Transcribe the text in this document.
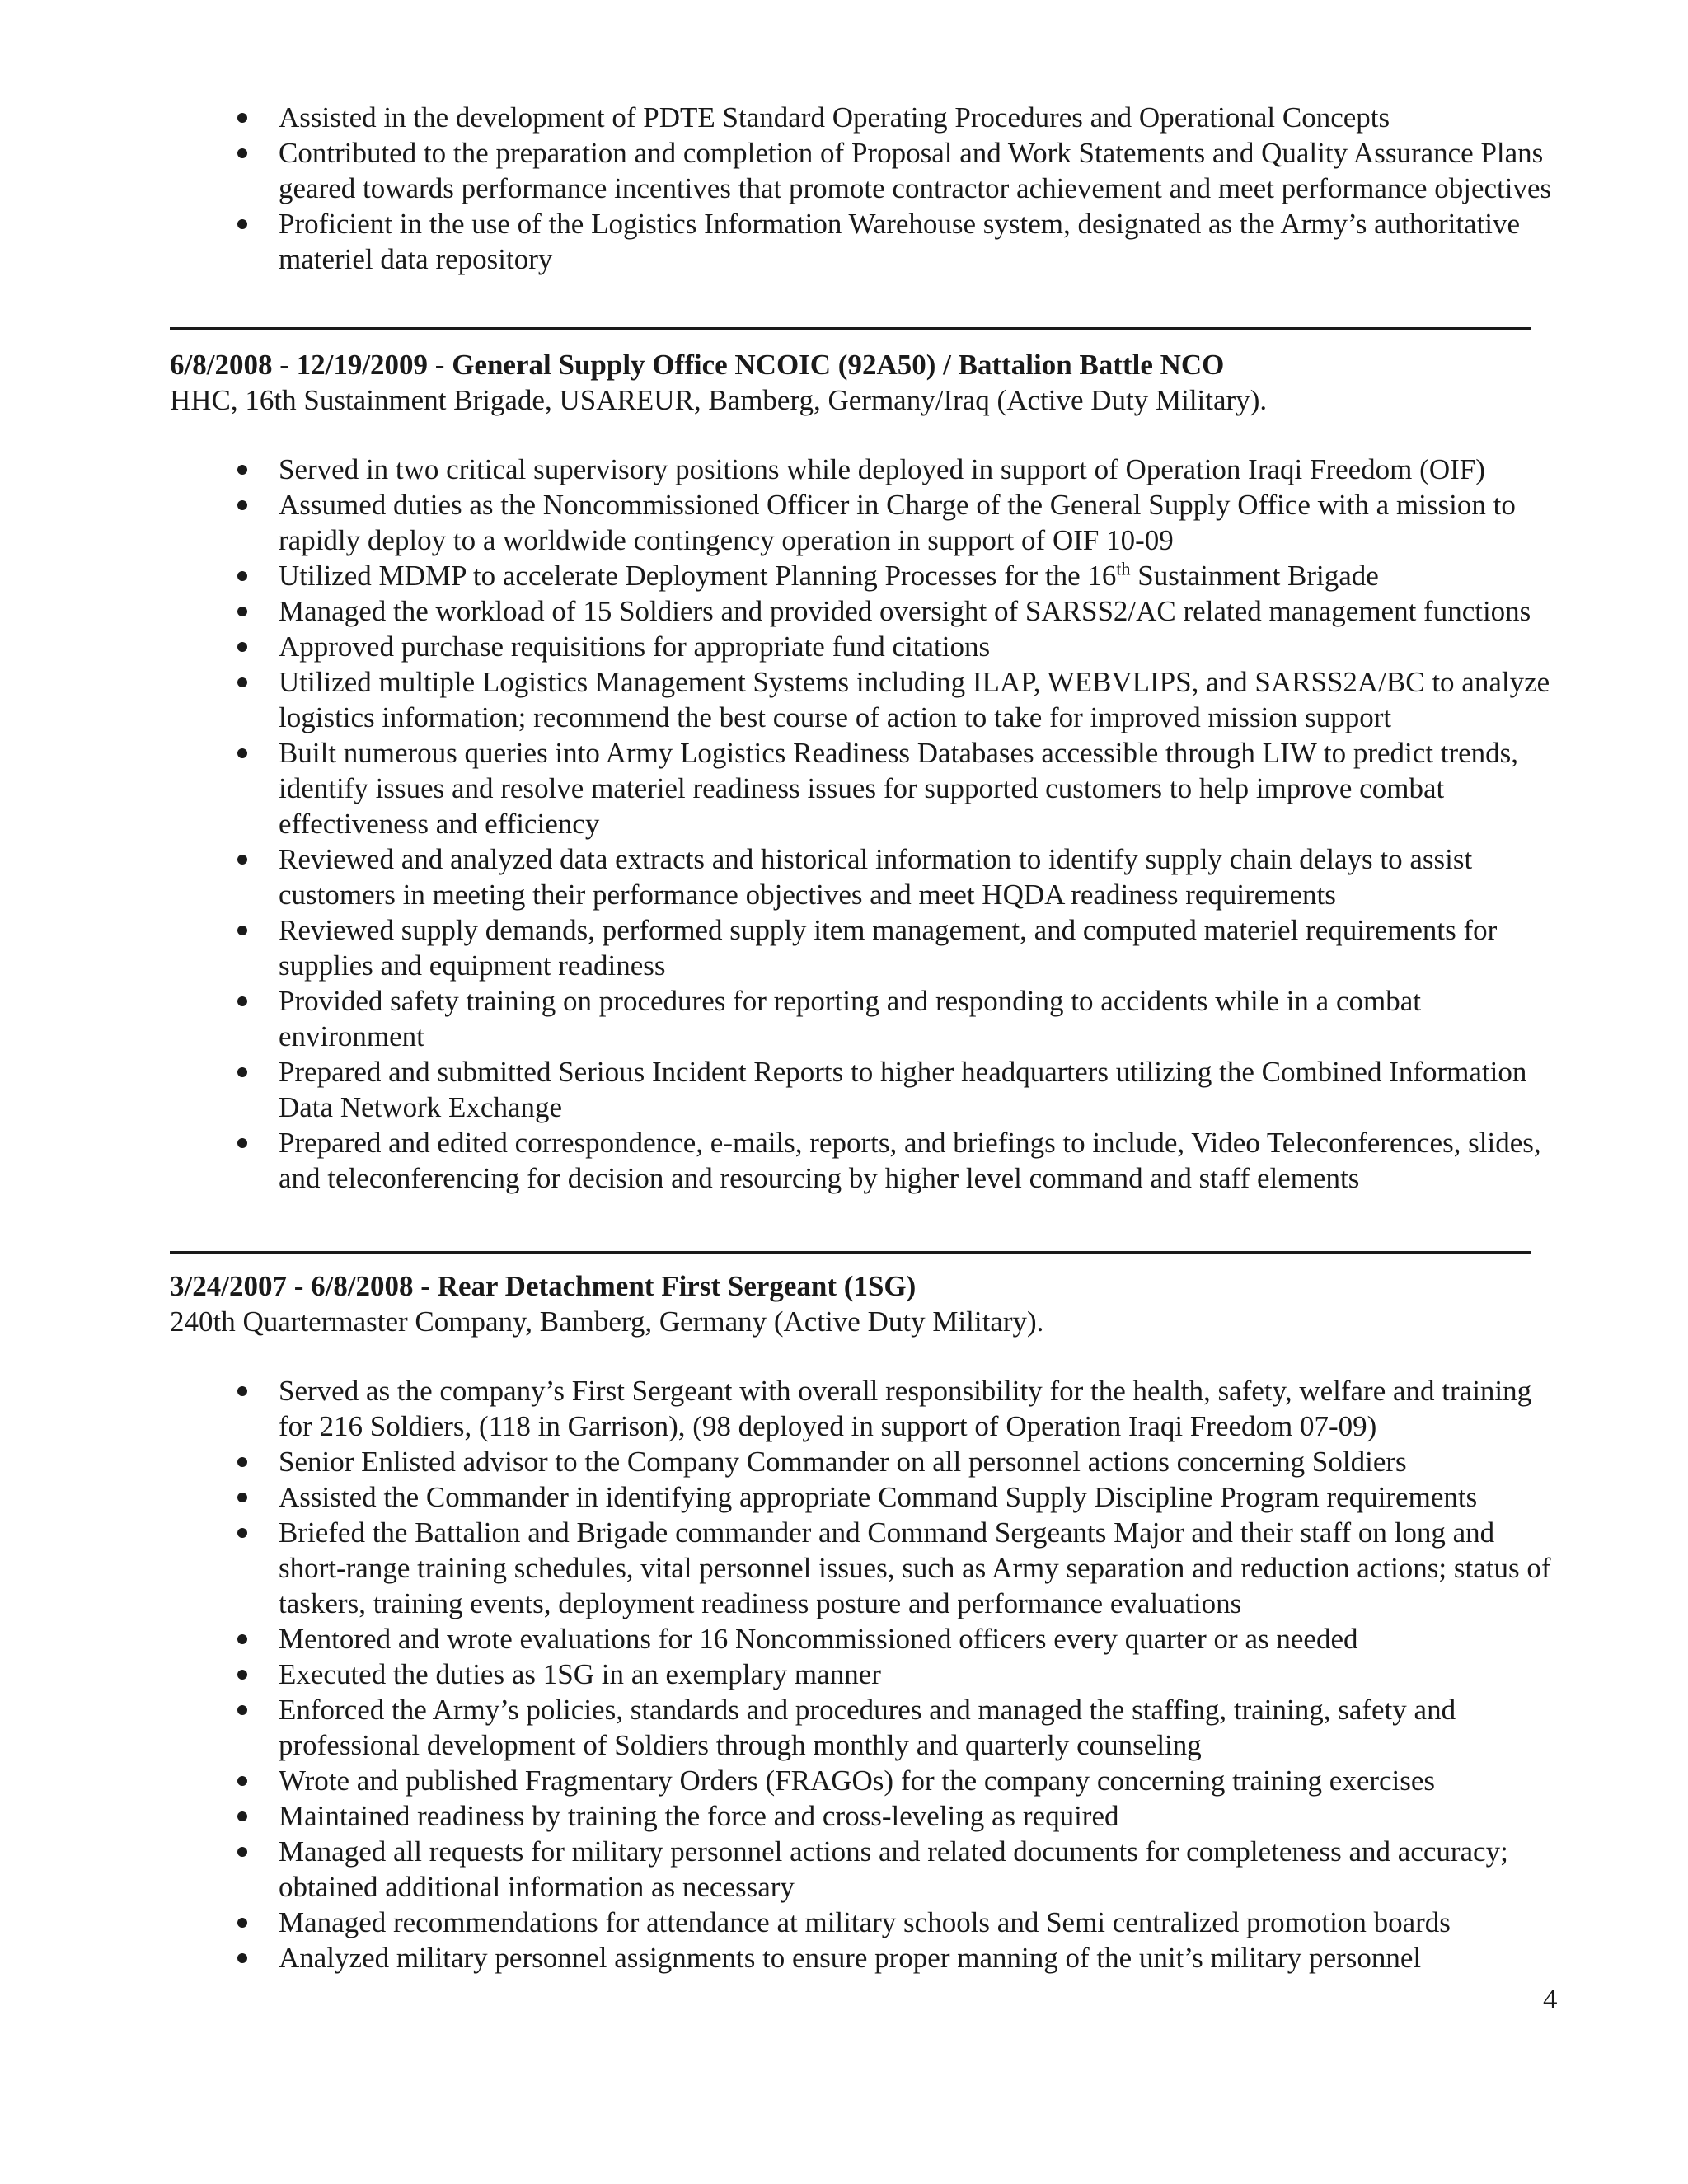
Assisted in the development of PDTE Standard Operating Procedures and Operational Concepts
Contributed to the preparation and completion of Proposal and Work Statements and Quality Assurance Plans geared towards performance incentives that promote contractor achievement and meet performance objectives
Proficient in the use of the Logistics Information Warehouse system, designated as the Army’s authoritative materiel data repository
6/8/2008 - 12/19/2009 - General Supply Office NCOIC (92A50) / Battalion Battle NCO
HHC, 16th Sustainment Brigade, USAREUR, Bamberg, Germany/Iraq (Active Duty Military).
Served in two critical supervisory positions while deployed in support of Operation Iraqi Freedom (OIF)
Assumed duties as the Noncommissioned Officer in Charge of the General Supply Office with a mission to rapidly deploy to a worldwide contingency operation in support of OIF 10-09
Utilized MDMP to accelerate Deployment Planning Processes for the 16th Sustainment Brigade
Managed the workload of 15 Soldiers and provided oversight of SARSS2/AC related management functions
Approved purchase requisitions for appropriate fund citations
Utilized multiple Logistics Management Systems including ILAP, WEBVLIPS, and SARSS2A/BC to analyze logistics information; recommend the best course of action to take for improved mission support
Built numerous queries into Army Logistics Readiness Databases accessible through LIW to predict trends, identify issues and resolve materiel readiness issues for supported customers to help improve combat effectiveness and efficiency
Reviewed and analyzed data extracts and historical information to identify supply chain delays to assist customers in meeting their performance objectives and meet HQDA readiness requirements
Reviewed supply demands, performed supply item management, and computed materiel requirements for supplies and equipment readiness
Provided safety training on procedures for reporting and responding to accidents while in a combat environment
Prepared and submitted Serious Incident Reports to higher headquarters utilizing the Combined Information Data Network Exchange
Prepared and edited correspondence, e-mails, reports, and briefings to include, Video Teleconferences, slides, and teleconferencing for decision and resourcing by higher level command and staff elements
3/24/2007 - 6/8/2008 - Rear Detachment First Sergeant (1SG)
240th Quartermaster Company, Bamberg, Germany (Active Duty Military).
Served as the company’s First Sergeant with overall responsibility for the health, safety, welfare and training for 216 Soldiers, (118 in Garrison), (98 deployed in support of Operation Iraqi Freedom 07-09)
Senior Enlisted advisor to the Company Commander on all personnel actions concerning Soldiers
Assisted the Commander in identifying appropriate Command Supply Discipline Program requirements
Briefed the Battalion and Brigade commander and Command Sergeants Major and their staff on long and short-range training schedules, vital personnel issues, such as Army separation and reduction actions; status of taskers, training events, deployment readiness posture and performance evaluations
Mentored and wrote evaluations for 16 Noncommissioned officers every quarter or as needed
Executed the duties as 1SG in an exemplary manner
Enforced the Army’s policies, standards and procedures and managed the staffing, training, safety and professional development of Soldiers through monthly and quarterly counseling
Wrote and published Fragmentary Orders (FRAGOs) for the company concerning training exercises
Maintained readiness by training the force and cross-leveling as required
Managed all requests for military personnel actions and related documents for completeness and accuracy; obtained additional information as necessary
Managed recommendations for attendance at military schools and Semi centralized promotion boards
Analyzed military personnel assignments to ensure proper manning of the unit’s military personnel
4
